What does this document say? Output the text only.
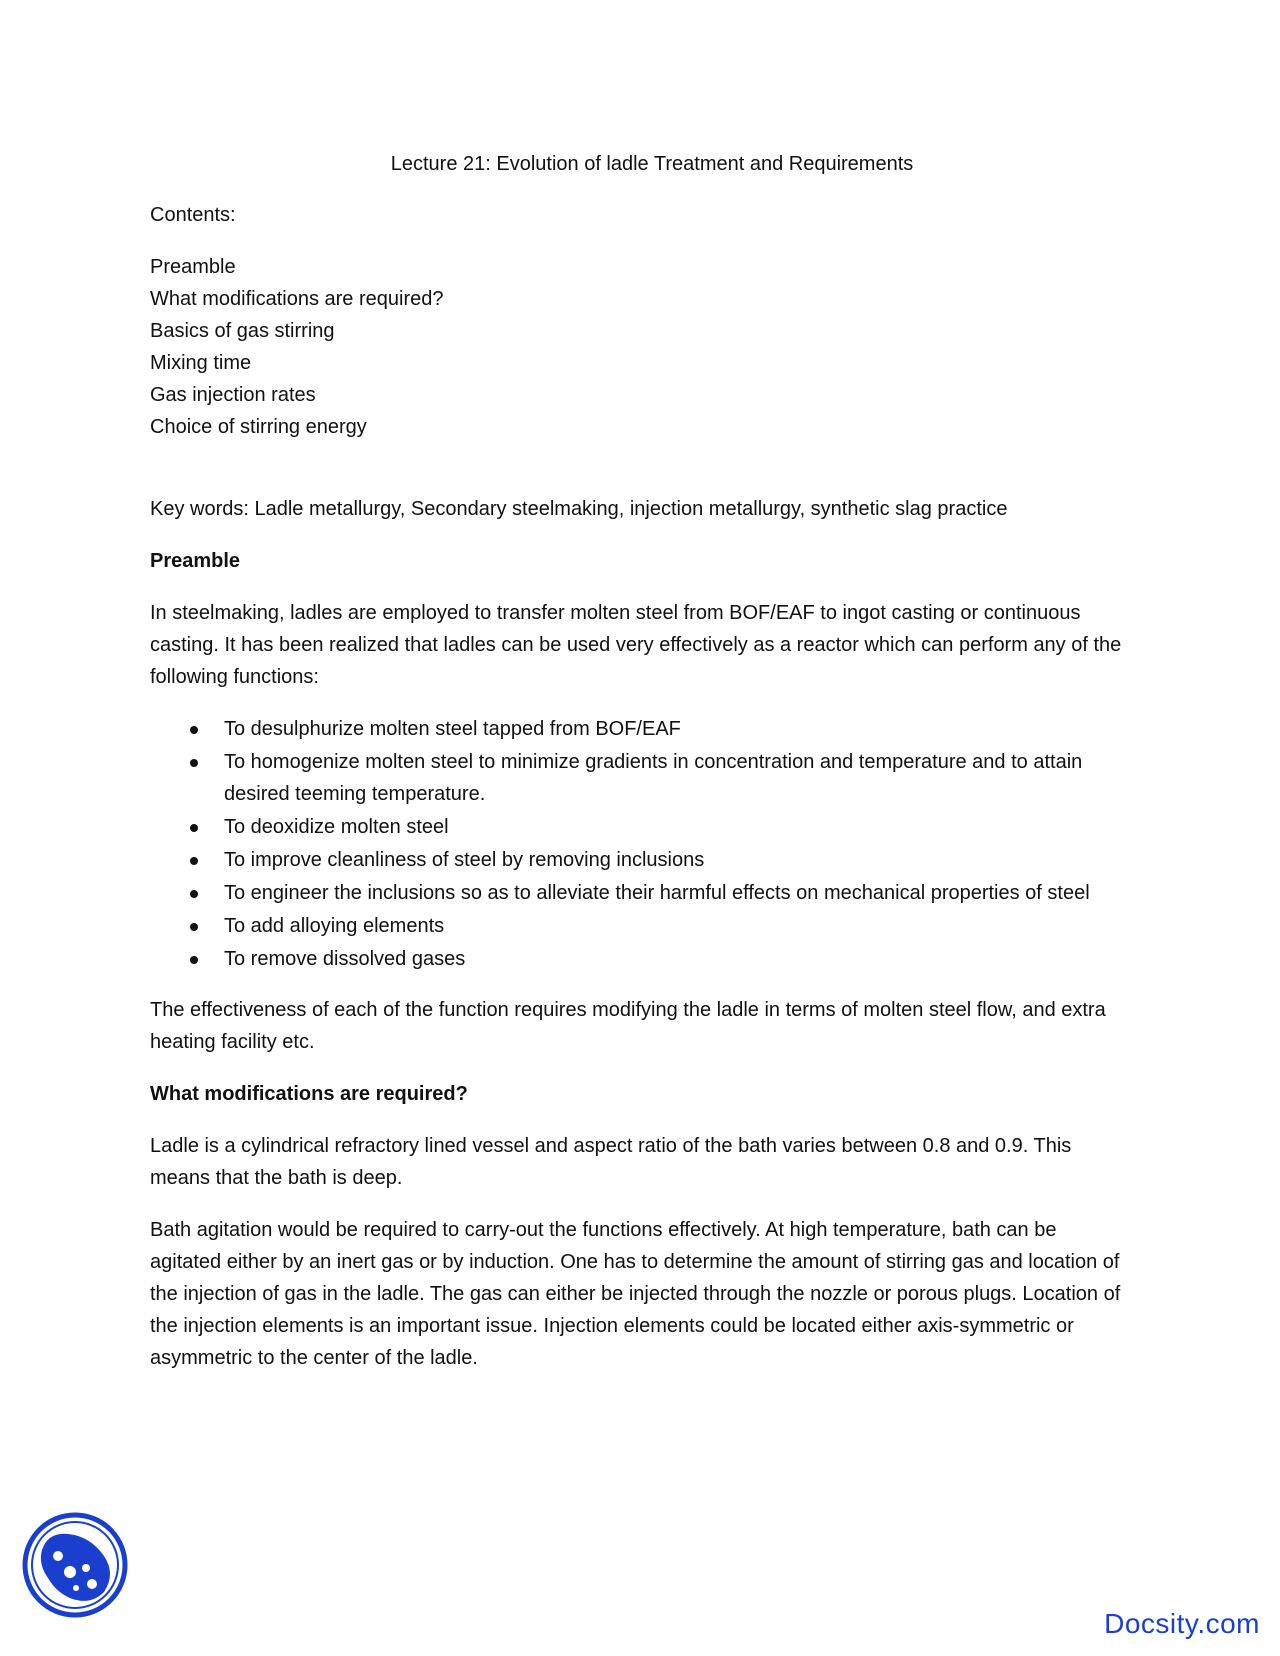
Lecture 21: Evolution of ladle Treatment and Requirements
Contents:
Preamble
What modifications are required?
Basics of gas stirring
Mixing time
Gas injection rates
Choice of stirring energy
Key words: Ladle metallurgy, Secondary steelmaking, injection metallurgy, synthetic slag practice
Preamble
In steelmaking, ladles are employed to transfer molten steel from BOF/EAF to ingot casting or continuous casting. It has been realized that ladles can be used very effectively as a reactor which can perform any of the following functions:
To desulphurize molten steel tapped from BOF/EAF
To homogenize molten steel to minimize gradients in concentration and temperature and to attain desired teeming temperature.
To deoxidize molten steel
To improve cleanliness of steel by removing inclusions
To engineer the inclusions so as to alleviate their harmful effects on mechanical properties of steel
To add alloying elements
To remove dissolved gases
The effectiveness of each of the function requires modifying the ladle in terms of molten steel flow, and extra heating facility etc.
What modifications are required?
Ladle is a cylindrical refractory lined vessel and aspect ratio of the bath varies between 0.8 and 0.9. This means that the bath is deep.
Bath agitation would be required to carry-out the functions effectively. At high temperature, bath can be agitated either by an inert gas or by induction. One has to determine the amount of stirring gas and location of the injection of gas in the ladle. The gas can either be injected through the nozzle or porous plugs. Location of the injection elements is an important issue. Injection elements could be located either axis-symmetric or asymmetric to the center of the ladle.
Docsity.com
